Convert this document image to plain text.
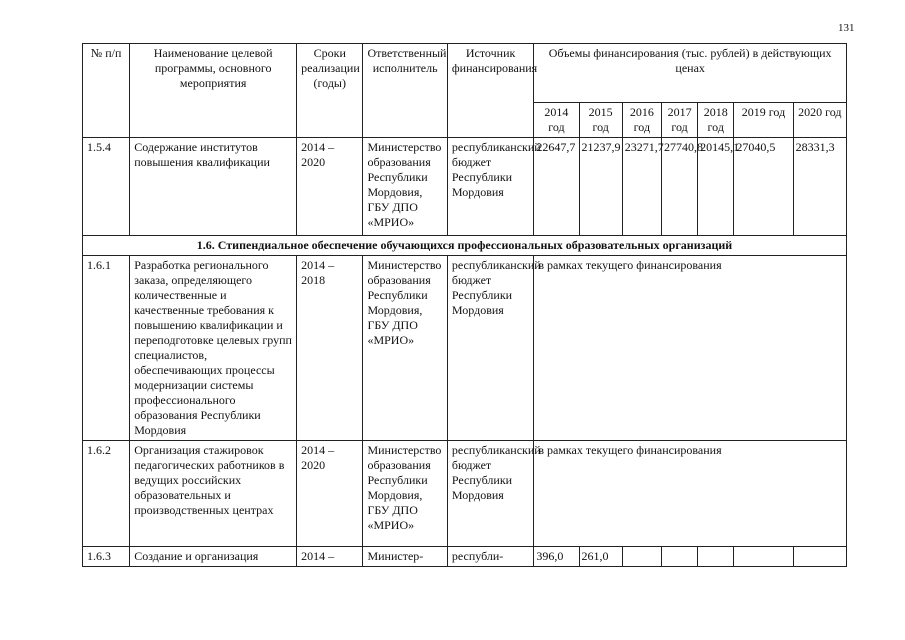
131
№ п/п	Наименование целевой программы, основного мероприятия	Сроки реализации (годы)	Ответственный исполнитель	Источник финансирования	Объемы финансирования (тыс. рублей) в действующих ценах						
					2014 год	2015 год	2016 год	2017 год	2018 год	2019 год	2020 год
1.5.4	Содержание институтов повышения квалификации	2014 – 2020	Министерство образования Республики Мордовия, ГБУ ДПО «МРИО»	республиканский бюджет Республики Мордовия	22647,7	21237,9	23271,7	27740,8	20145,1	27040,5	28331,3
1.6. Стипендиальное обеспечение обучающихся профессиональных образовательных организаций											
1.6.1	Разработка регионального заказа, определяющего количественные и качественные требования к повышению квалификации и переподготовке целевых групп специалистов, обеспечивающих процессы модернизации системы профессионального образования Республики Мордовия	2014 – 2018	Министерство образования Республики Мордовия, ГБУ ДПО «МРИО»	республиканский бюджет Республики Мордовия	в рамках текущего финансирования						
1.6.2	Организация стажировок педагогических работников в ведущих российских образовательных и производственных центрах	2014 – 2020	Министерство образования Республики Мордовия, ГБУ ДПО «МРИО»	республиканский бюджет Республики Мордовия	в рамках текущего финансирования						
1.6.3	Создание и организация	2014 –	Министер-	республи-	396,0	261,0					
